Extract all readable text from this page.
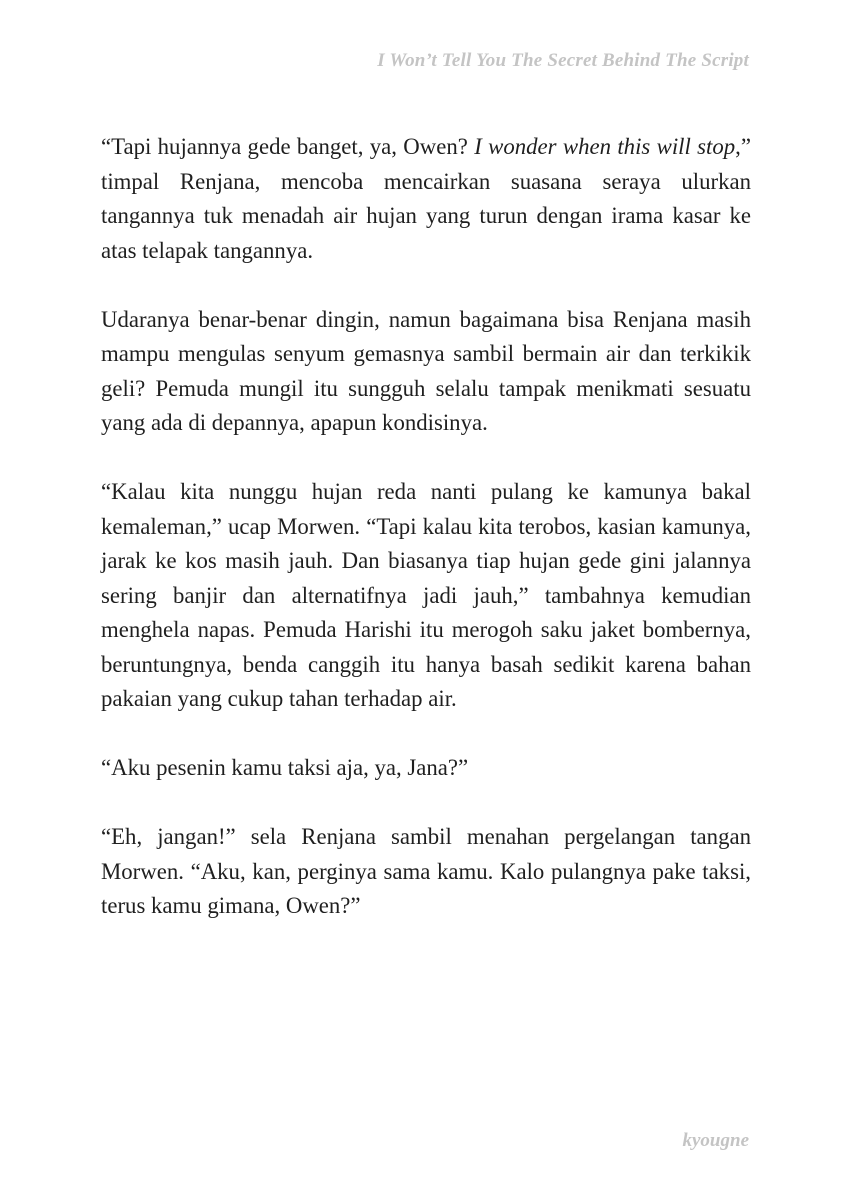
I Won’t Tell You The Secret Behind The Script

“Tapi hujannya gede banget, ya, Owen? I wonder when this will stop,” timpal Renjana, mencoba mencairkan suasana seraya ulurkan tangannya tuk menadah air hujan yang turun dengan irama kasar ke atas telapak tangannya.

Udaranya benar-benar dingin, namun bagaimana bisa Renjana masih mampu mengulas senyum gemasnya sambil bermain air dan terkikik geli? Pemuda mungil itu sungguh selalu tampak menikmati sesuatu yang ada di depannya, apapun kondisinya.

“Kalau kita nunggu hujan reda nanti pulang ke kamunya bakal kemaleman,” ucap Morwen. “Tapi kalau kita terobos, kasian kamunya, jarak ke kos masih jauh. Dan biasanya tiap hujan gede gini jalannya sering banjir dan alternatifnya jadi jauh,” tambahnya kemudian menghela napas. Pemuda Harishi itu merogoh saku jaket bombernya, beruntungnya, benda canggih itu hanya basah sedikit karena bahan pakaian yang cukup tahan terhadap air.

“Aku pesenin kamu taksi aja, ya, Jana?”

“Eh, jangan!” sela Renjana sambil menahan pergelangan tangan Morwen. “Aku, kan, perginya sama kamu. Kalo pulangnya pake taksi, terus kamu gimana, Owen?”

kyougne
